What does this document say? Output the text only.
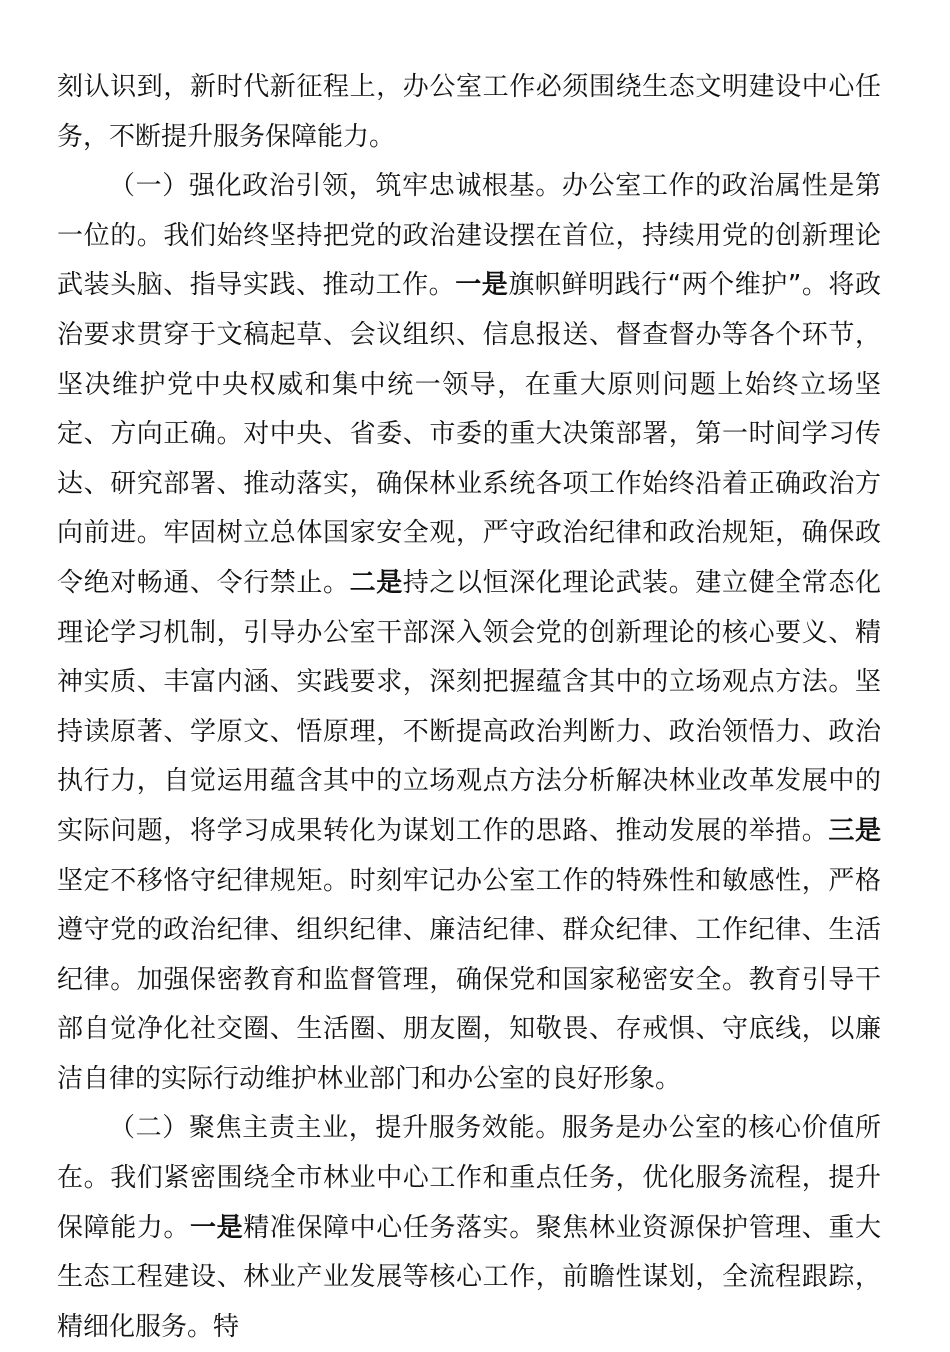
刻认识到，新时代新征程上，办公室工作必须围绕生态文明建设中心任务，不断提升服务保障能力。

（一）强化政治引领，筑牢忠诚根基。办公室工作的政治属性是第一位的。我们始终坚持把党的政治建设摆在首位，持续用党的创新理论武装头脑、指导实践、推动工作。一是旗帜鲜明践行“两个维护”。将政治要求贯穿于文稿起草、会议组织、信息报送、督查督办等各个环节，坚决维护党中央权威和集中统一领导，在重大原则问题上始终立场坚定、方向正确。对中央、省委、市委的重大决策部署，第一时间学习传达、研究部署、推动落实，确保林业系统各项工作始终沿着正确政治方向前进。牢固树立总体国家安全观，严守政治纪律和政治规矩，确保政令绝对畅通、令行禁止。二是持之以恒深化理论武装。建立健全常态化理论学习机制，引导办公室干部深入领会党的创新理论的核心要义、精神实质、丰富内涵、实践要求，深刻把握蕴含其中的立场观点方法。坚持读原著、学原文、悟原理，不断提高政治判断力、政治领悟力、政治执行力，自觉运用蕴含其中的立场观点方法分析解决林业改革发展中的实际问题，将学习成果转化为谋划工作的思路、推动发展的举措。三是坚定不移恪守纪律规矩。时刻牢记办公室工作的特殊性和敏感性，严格遵守党的政治纪律、组织纪律、廉洁纪律、群众纪律、工作纪律、生活纪律。加强保密教育和监督管理，确保党和国家秘密安全。教育引导干部自觉净化社交圈、生活圈、朋友圈，知敬畏、存戒惧、守底线，以廉洁自律的实际行动维护林业部门和办公室的良好形象。

（二）聚焦主责主业，提升服务效能。服务是办公室的核心价值所在。我们紧密围绕全市林业中心工作和重点任务，优化服务流程，提升保障能力。一是精准保障中心任务落实。聚焦林业资源保护管理、重大生态工程建设、林业产业发展等核心工作，前瞻性谋划，全流程跟踪，精细化服务。特
